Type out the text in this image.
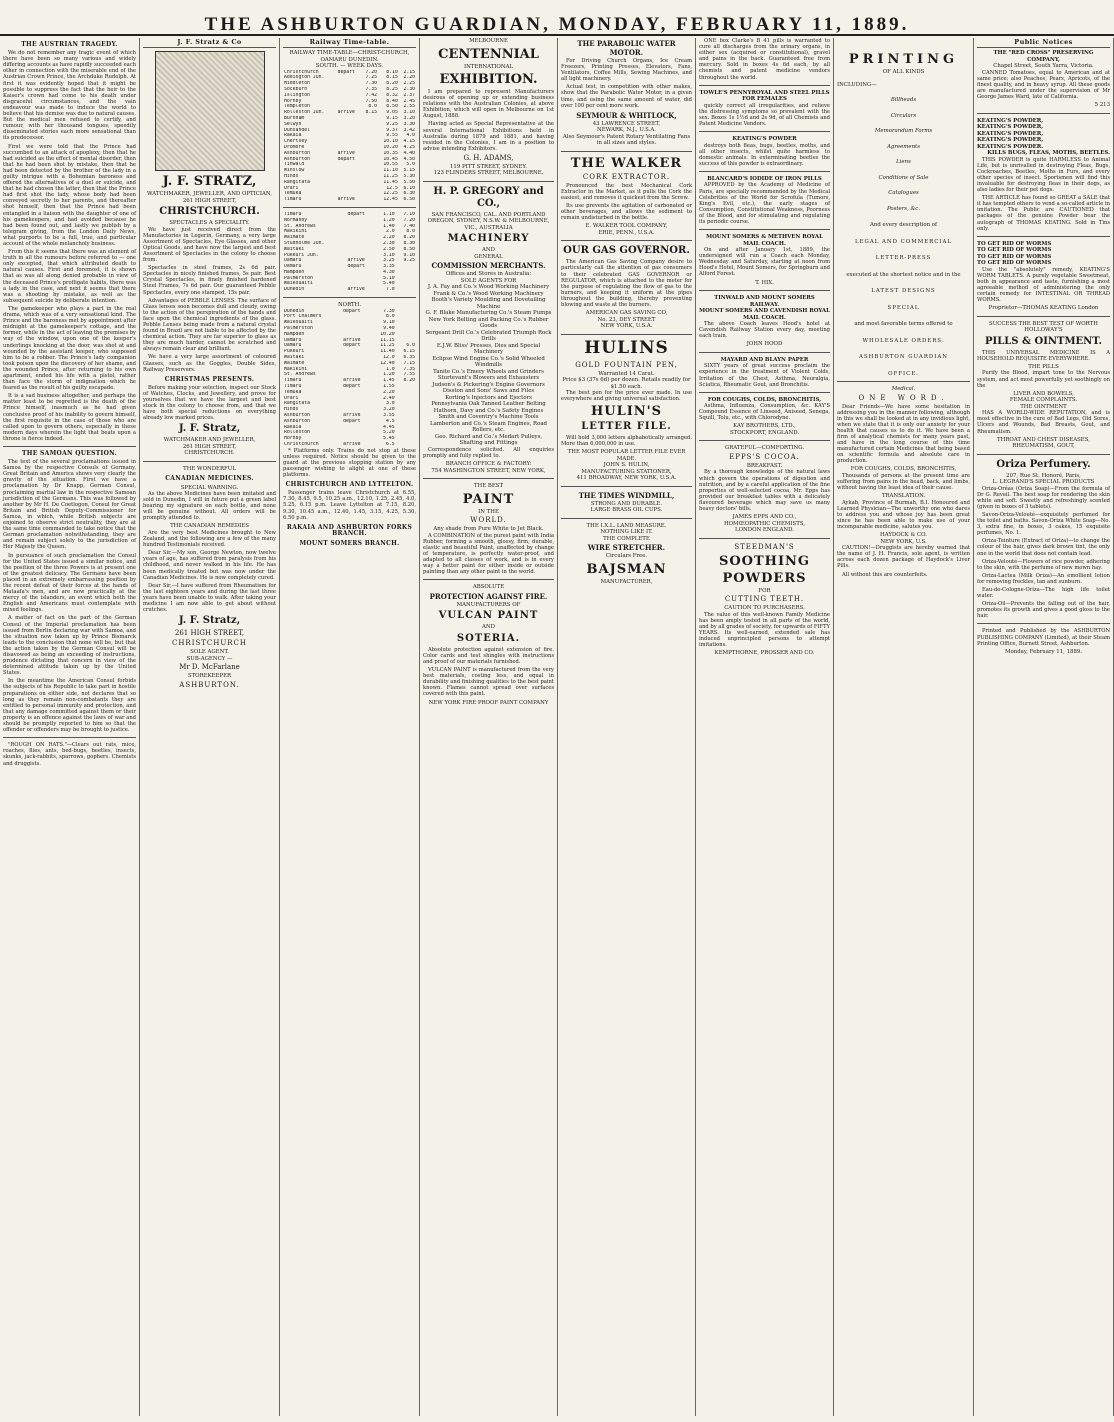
THE ASHBURTON GUARDIAN, MONDAY, FEBRUARY 11, 1889.
THE AUSTRIAN TRAGEDY.

We do not remember any tragic event of which there have been so many various and widely differing accounts as have rapidly succeeded each other in connection with the miserable end of the Austrian Crown Prince, the Archduke Rudolph. At first it was evidently hoped that it might be possible to suppress the fact that the heir to the Kaiser's crown had come to his death under disgraceful circumstances, and the vain endeavour was made to induce the world to believe that his demise was due to natural causes. But the medical men refused to certify, and rumour, with her thousand tongues, speedily disseminated stories each more sensational than its predecessor.

First we were told that the Prince had succumbed to an attack of apoplexy, then that he had suicided as the effect of mental disorder, then that he had been shot by mistake, then that he had been detected by the brother of the lady in a guilty intrigue with a Bohemian baroness and offered the alternatives of a duel or suicide, and that he had chosen the latter, then that the Prince had first shot the lady, whose body had been conveyed secretly to her parents, and thereafter shot himself, then that the Prince had been entangled in a liaison with the daughter of one of his gamekeepers, and had avoided because he had been found out, and lastly we publish by a telegram giving, from the London Daily News, what purports to be a full, true, and particular account of the whole melancholy business.

From this it seems that there was an element of truth in all the rumours before referred to — one only excepted, that which attributed death to natural causes. First and foremost, it is shown that as was all along denied probable in view of the deceased Prince's profligate habits, there was a lady in the case, and next it seems that there was a shooting by mistake, as well as the subsequent suicide by deliberate intention.

The gamekeeper who plays a part in the real drama, which was of a very sensational kind. The Prince and the baroness met by appointment after midnight at the gamekeeper's cottage, and the former, while in the act of leaving the premises by way of the window, upon one of the keeper's underlings knocking at the door, was shot at and wounded by the assistant keeper, who supposed him to be a robber. The Prince's lady companion took poison upon the discovery of her shame, and the wounded Prince, after returning to his own apartment, ended his life with a pistol, rather than face the storm of indignation which he feared as the result of his guilty escapade.

It is a sad business altogether, and perhaps the matter least to be regretted is the death of the Prince himself, inasmuch as he had given conclusive proof of his inability to govern himself, the first requisite in the case of those who are called upon to govern others, especially in these modern days wherein the light that beats upon a throne is fierce indeed.

THE SAMOAN QUESTION.

The text of the several proclamations issued in Samoa by the respective Consuls of Germany, Great Britain and America shows very clearly the gravity of the situation. First we have a proclamation by Dr Knapp, German Consul, proclaiming martial law in the respective Samoan jurisdiction of the Germans. This was followed by another by Mr H. De Coetlogon, Consul for Great Britain and British Deputy-Commissioner for Samoa, in which, while British subjects are enjoined to observe strict neutrality, they are at the same time commanded to take notice that the German proclamation notwithstanding, they are and remain subject solely to the jurisdiction of Her Majesty the Queen.

In pursuance of such proclamation the Consul for the United States issued a similar notice, and the position of the three Powers is at present one of the greatest delicacy. The Germans have been placed in an extremely embarrassing position by the recent defeat of their forces at the hands of Mataafa's men, and are now practically at the mercy of the islanders, an event which both the English and Americans must contemplate with mixed feelings.

A matter of fact on the part of the German Consul of the Imperial proclamation has been issued from Berlin declaring war with Samoa, and the situation now taken up by Prince Bismarck leads to the conclusion that none will be, but that the action taken by the German Consul will be disavowed as being an exceeding of instructions, prudence dictating that concern in view of the determined attitude taken up by the United States.

In the meantime the American Consul forbids the subjects of his Republic to take part in hostile preparations on either side, not declares that so long as they remain non-combatants they are entitled to personal immunity and protection, and that any damage committed against them or their property is an offence against the laws of war and should be promptly reported to him so that the offender or offenders may be brought to justice.

"ROUGH ON RATS."—Clears out rats, mice, roaches, flies, ants, bed-bugs, beetles, insects, skunks, jack-rabbits, sparrows, gophers. Chemists and druggists.

J. F. Stratz & Co
J. F. STRATZ,
WATCHMAKER, JEWELLER, AND OPTICIAN,
261 HIGH STREET,
CHRISTCHURCH.
SPECTACLES A SPECIALITY.

We have just received direct from the Manufactories in Legerin, Germany, a very large Assortment of Spectacles, Eye Glasses, and other Optical Goods, and have now the largest and best Assortment of Spectacles in the colony to choose from.

Spectacles in steel frames, 2s 6d pair. Spectacles in nicely finished frames, 5s pair. Best Crystal Spectacles, in finely finished hardened Steel Frames, 7s 6d pair. Our guaranteed Pebble Spectacles, every one stamped, 15s pair.

Advantages of PEBBLE LENSES. The surface of Glass lenses soon becomes dull and cloudy, owing to the action of the perspiration of the hands and face upon the chemical ingredients of the glass. Pebble Lenses being made from a natural crystal found in Brazil are not liable to be affected by the chemical action. They are far superior to glass as they are much harder, cannot be scratched and always remain clear and brilliant.

We have a very large assortment of coloured Glasses, such as the Goggles, Double Sides, Railway Preservers.

CHRISTMAS PRESENTS.

Before making your selection, inspect our Stock of Watches, Clocks, and Jewellery, and prove for yourselves that we have the largest and best stock in the colony to choose from, and that we have both special reductions on everything already low marked prices.

J. F. Stratz,
WATCHMAKER AND JEWELLER,
261 HIGH STREET,
CHRISTCHURCH.
THE WONDERFUL
CANADIAN MEDICINES.
SPECIAL WARNING.

As the above Medicines have been imitated and sold in Dunedin, I will in future put a green label bearing my signature on each bottle, and none will be genuine without. All orders will be promptly attended to.

THE CANADIAN REMEDIES

Are the very best Medicines brought to New Zealand, and the following are a few of the many hundred Testimonials received.

Dear Sir,—My son, George Newton, now twelve years of age, has suffered from paralysis from his childhood, and never walked in his life. He has been medically treated but was now under the Canadian Medicines. He is now completely cured.

Dear Sir,—I have suffered from Rheumatism for the last eighteen years and during the last three years have been unable to walk. After taking your medicine I am now able to get about without crutches.

J. F. Stratz,
261 HIGH STREET,
CHRISTCHURCH
SOLE AGENT.
SUB-AGENCY —
Mr D. McFarlane
STOREKEEPER
ASHBURTON.
Railway Time-table.
RAILWAY TIME-TABLE—CHRIST-CHURCH, OAMARU DUNEDIN.
SOUTH. — WEEK DAYS.
Christchurch	depart	7.20	8.10	2.15
Addington Jun.		7.25	8.15	2.20
Middleton		7.30	8.20	2.25
Sockburn		7.35	8.25	2.30
Islington		7.42	8.32	2.37
Hornby		7.50	8.40	2.45
Templeton		8.0	8.50	2.55
Rolleston Jun.	arrive	8.15	9.05	3.10
Burnham			9.15	3.20
Selwyn			9.25	3.30
Dunsandel			9.37	3.42
Rakaia			9.55	4.0
Chertsey			10.10	4.15
Dromore			10.20	4.25
Ashburton	arrive		10.35	4.40
Ashburton	depart		10.45	4.50
Tinwald			10.55	5.0
Winslow			11.10	5.15
Hinds			11.25	5.30
Rangitata			11.45	5.50
Orari			12.5	6.10
Temuka			12.25	6.30
Timaru	arrive		12.45	6.50
Timaru	depart	1.10	7.10
Normanby		1.20	7.20
St. Andrews		1.40	7.40
Makikihi		2.0	8.0
Waimate		2.20	8.20
Studholme Jun.		2.30	8.30
Waitaki		2.50	8.50
Pukeuri Jun.		3.10	9.10
Oamaru	arrive	3.25	9.25
Oamaru	depart	3.35	
Hampden		4.30	
Palmerston		5.10	
Waikouaiti		5.40	
Dunedin	arrive	7.0	
NORTH.
Dunedin	depart	7.30	
Port Chalmers		8.0	
Waikouaiti		9.10	
Palmerston		9.40	
Hampden		10.20	
Oamaru	arrive	11.15	
Oamaru	depart	11.25	6.0
Pukeuri		11.40	6.15
Waitaki		12.0	6.35
Waimate		12.40	7.15
Makikihi		1.0	7.35
St. Andrews		1.20	7.55
Timaru	arrive	1.45	8.20
Timaru	depart	1.55	
Temuka		2.20	
Orari		2.40	
Rangitata		3.0	
Hinds		3.20	
Ashburton	arrive	3.55	
Ashburton	depart	4.5	
Rakaia		4.45	
Rolleston		5.20	
Hornby		5.45	
Christchurch	arrive	6.5	

* Platforms only. Trains do not stop at these unless required. Notice should be given to the guard at the previous stopping station by any passenger wishing to alight at one of these platforms.

CHRISTCHURCH AND LYTTELTON.

Passenger trains leave Christchurch at 6.55, 7.30, 8.45, 9.5, 10.25 a.m., 12.10, 1.25, 2.45, 4.0, 5.25, 6.15 p.m. Leave Lyttelton at 7.15, 8.20, 9.30, 10.45 a.m., 12.40, 1.45, 3.15, 4.25, 5.30, 6.50 p.m.

RAKAIA AND ASHBURTON FORKS BRANCH.
MOUNT SOMERS BRANCH.
MELBOURNE
CENTENNIAL
INTERNATIONAL
EXHIBITION.

I am prepared to represent Manufacturers desirous of opening up or extending business relations with the Australian Colonies, at above Exhibition, which will open in Melbourne on 1st August, 1888.

Having acted as Special Representative at the several International Exhibitions held in Australia during 1879 and 1881, and having resided in the Colonies, I am in a position to advise intending Exhibitors.

G. H. ADAMS,
119 PITT STREET, SYDNEY.
123 FLINDERS STREET, MELBOURNE.
H. P. GREGORY and CO.,
SAN FRANCISCO, CAL. AND PORTLAND OREGON, SYDNEY, N.S.W. & MELBOURNE, VIC., AUSTRALIA
MACHINERY
AND
GENERAL
COMMISSION MERCHANTS.
Offices and Stores in Australia:
SOLE AGENTS FOR
J. A. Fay and Co.'s Wood Working Machinery
Frank & Co.'s Wood Working Machinery
Booth's Variety Moulding and Dovetailing Machine
G. F. Blake Manufacturing Co.'s Steam Pumps
New York Belting and Packing Co.'s Rubber Goods
Sergeant Drill Co.'s Celebrated Triumph Rock Drills
E.J.W. Bliss' Presses, Dies and Special Machinery
Eclipse Wind Engine Co.'s Solid Wheeled Windmills
Tanite Co.'s Emery Wheels and Grinders
Sturtevant's Blowers and Exhausters
Judson's & Pickering's Engine Governors
Disston and Sons' Saws and Files
Korting's Injectors and Ejectors
Pennsylvania Oak Tanned Leather Belting
Hathorn, Davy and Co.'s Safety Engines
Smith and Coventry's Machine Tools
Lamberton and Co.'s Steam Engines, Road Rollers, etc.
Geo. Richard and Co.'s Medart Pulleys, Shafting and Fittings

Correspondence solicited. All enquiries promptly and fully replied to.

BRANCH OFFICE & FACTORY:
754 WASHINGTON STREET, NEW YORK,
THE BEST
PAINT
IN THE
WORLD.
Any shade from Pure White to Jet Black.

A COMBINATION of the purest paint with India Rubber, forming a smooth, glossy, firm, durable, elastic and beautiful Paint, unaffected by change of temperature, is perfectly water-proof, and adapted to all classes of work, and is in every way a better paint for either inside or outside painting than any other paint in the world.

ABSOLUTE
PROTECTION AGAINST FIRE.
MANUFACTURERS OF
VULCAN PAINT
AND
SOTERIA.

Absolute protection against extension of fire. Color cards and test shingles with instructions and proof of our materials furnished.

VULCAN PAINT is manufactured from the very best materials, costing less, and equal in durability and finishing qualities to the best paint known. Flames cannot spread over surfaces covered with this paint.

NEW YORK FIRE PROOF PAINT COMPANY
THE PARABOLIC WATER MOTOR.

For Driving Church Organs, Ice Cream Freezers, Printing Presses, Elevators, Fans, Ventilators, Coffee Mills, Sewing Machines, and all light machinery.

Actual test, in competition with other makes, show that the Parabolic Water Motor, in a given time, and using the same amount of water, did over 100 per cent more work.

SEYMOUR & WHITLOCK,
43 LAWRENCE STREET,
NEWARK, N.J., U.S.A.
Also Seymour's Patent Rotary Ventilating Fans in all sizes and styles.
THE WALKER
CORK EXTRACTOR.

Pronounced the best Mechanical Cork Extractor in the Market, as it pulls the Cork the easiest, and removes it quickest from the Screw.

Its use prevents the agitation of carbonated or other beverages, and allows the sediment to remain undisturbed in the bottle.

E. WALKER TOOL COMPANY,
ERIE, PENN., U.S.A.
OUR GAS GOVERNOR.

The American Gas Saving Company desire to particularly call the attention of gas consumers to their celebrated GAS GOVERNOR or REGULATOR, which is attached to the meter for the purpose of regulating the flow of gas to the burners, and keeping it uniform at the pipes throughout the building, thereby preventing blowing and waste at the burners.

AMERICAN GAS SAVING CO,
No. 23, DEY STREET
NEW YORK, U.S.A.
HULINS
GOLD FOUNTAIN PEN,
Warranted 14 Carat.
Price $3 (37s 6d) per dozen. Retails readily for $1.50 each.

The best pen for the price ever made. In use everywhere and giving universal satisfaction.

HULIN'S
LETTER FILE.

Will hold 3,000 letters alphabetically arranged. More than 6,000,000 in use.

THE MOST POPULAR LETTER FILE EVER MADE.
JOHN S. HULIN,
MANUFACTURING STATIONER,
411 BROADWAY, NEW YORK, U.S.A.
THE TIMES WINDMILL,
STRONG AND DURABLE.
LARGE BRASS OIL CUPS.
THE I.X.L. LAND MEASURE.
NOTHING LIKE IT.
THE COMPLETE
WIRE STRETCHER.
Circulars Free.
BAJSMAN
MANUFACTURER,

ONE box Clarke's B 41 pills is warranted to cure all discharges from the urinary organs, in either sex (acquired or constitutional), gravel and pains in the back. Guaranteed free from mercury. Sold in boxes 4s 6d each, by all chemists and patent medicine vendors throughout the world.

TOWLE'S PENNYROYAL AND STEEL PILLS FOR FEMALES

quickly correct all irregularities, and relieve the distressing symptoms so prevalent with the sex. Boxes 1s 1½d and 2s 9d, of all Chemists and Patent Medicine Vendors.

KEATING'S POWDER

destroys both fleas, bugs, beetles, moths, and all other insects, whilst quite harmless to domestic animals. In exterminating beetles the success of this powder is extraordinary.

BLANCARD'S IODIDE OF IRON PILLS

APPROVED by the Academy of Medicine of Paris, are specially recommended by the Medical Celebrities of the World for Scrofula (Tumors, King's Evil, etc.), the early stages of Consumption, Constitutional Weakness, Poorness of the Blood, and for stimulating and regulating its periodic course.

MOUNT SOMERS & METHVEN ROYAL MAIL COACH.

On and after January 1st, 1889, the undersigned will run a Coach each Monday, Wednesday and Saturday, starting at noon from Hood's Hotel, Mount Somers, for Springburn and Alford Forest.

T. HIX.
TINWALD AND MOUNT SOMERS RAILWAY.
MOUNT SOMERS AND CAVENDISH ROYAL MAIL COACH.

The above Coach leaves Hood's hotel at Cavendish Railway Station every day, meeting each train.

JOHN HOOD
MAYARD AND BLAYN PAPER

SIXTY years of great success proclaim the experience in the treatment of Violent Colds, Irritation of the Chest, Asthma, Neuralgia, Sciatica, Rheumatic Gout, and Bronchitis.

FOR COUGHS, COLDS, BRONCHITIS,

Asthma, Influenza, Consumption, &c. KAY'S Compound Essence of Linseed, Aniseed, Senega, Squill, Tolu, etc., with Chlorodyne.

KAY BROTHERS, LTD.,
STOCKPORT, ENGLAND.
GRATEFUL—COMFORTING.
EPPS'S COCOA.
BREAKFAST.

By a thorough knowledge of the natural laws which govern the operations of digestion and nutrition, and by a careful application of the fine properties of well-selected cocoa, Mr. Epps has provided our breakfast tables with a delicately flavoured beverage which may save us many heavy doctors' bills.

JAMES EPPS AND CO.,
HOMŒOPATHIC CHEMISTS,
LONDON ENGLAND.
STEEDMAN'S
SOOTHING
POWDERS
FOR
CUTTING TEETH.
CAUTION TO PURCHASERS.

The value of this well-known Family Medicine has been amply tested in all parts of the world, and by all grades of society, for upwards of FIFTY YEARS. Its well-earned, extended sale has induced unprincipled persons to attempt imitations.

KEMPTHORNE, PROSSER AND CO.
PRINTING
OF ALL KINDS
INCLUDING—
Billheads
Circulars
Memorandum Forms
Agreements
Liens
Conditions of Sale
Catalogues
Posters, &c.
And every description of
LEGAL AND COMMERCIAL
LETTER-PRESS
executed at the shortest notice and in the
LATEST DESIGNS
SPECIAL
and most favorable terms offered to
WHOLESALE ORDERS.
ASHBURTON GUARDIAN
OFFICE.
Medical.
ONE WORD.

Dear Friends—We have some hesitation in addressing you in the manner following, although in this we shall be looked at in any invidious light, when we state that it is only our anxiety for your health that causes us to do it. We have been a firm of analytical chemists for many years past, and have in the long course of this time manufactured certain Medicines that being based on scientific formula and absolute care in production.

FOR COUGHS, COLDS, BRONCHITIS,

Thousands of persons at the present time are suffering from pains in the head, back, and limbs, without having the least idea of their cause.

TRANSLATION.

Aykab, Province of Burmah, B.I. Honoured and Learned Physician—The unworthy one who dares to address you and whose joy has been great since he has been able to make use of your incomparable medicine, salutes you.

HAYDOCK & CO.
NEW YORK, U.S.

CAUTION!—Druggists are hereby warned that the name of J. H. Francis, sole agent, is written across each dozen package of Haydock's Liver Pills.

All without this are counterfeits.

Public Notices
THE "RED CROSS" PRESERVING COMPANY,
Chapel Street, South Yarra, Victoria.

CANNED Tomatoes, equal to American and at same price; also Peaches, Pears, Apricots, of the finest quality, and in heavy syrup. All these goods are manufactured under the supervision of Mr George James Ward, late of California.

5 213
KEATING'S POWDER,
KEATING'S POWDER,
KEATING'S POWDER,
KEATING'S POWDER,
KEATING'S POWDER.
KILLS BUGS, FLEAS, MOTHS, BEETLES.

THIS POWDER is quite HARMLESS to Animal Life, but is unrivalled in destroying Fleas, Bugs, Cockroaches, Beetles, Moths in Furs, and every other species of insect. Sportsmen will find this invaluable for destroying fleas in their dogs, as also ladies for their pet dogs.

THE ARTICLE has found so GREAT a SALE that it has tempted others to vend a so-called article in imitation. The Public are CAUTIONED that packages of the genuine Powder bear the autograph of THOMAS KEATING. Sold in Tins only.

TO GET RID OF WORMS
TO GET RID OF WORMS
TO GET RID OF WORMS
TO GET RID OF WORMS

Use the "absolutely" remedy, KEATING'S WORM TABLETS. A purely vegetable Sweetmeat, both in appearance and taste, furnishing a most agreeable method of administering the only certain remedy for INTESTINAL OR THREAD WORMS.

Proprietor—THOMAS KEATING London
SUCCESS THE BEST TEST OF WORTH
HOLLOWAY'S
PILLS & OINTMENT.

THIS UNIVERSAL MEDICINE IS A HOUSEHOLD REQUISITE EVERYWHERE.

THE PILLS

Purify the Blood, impart tone to the Nervous system, and act most powerfully yet soothingly on the

LIVER AND BOWELS,
FEMALE COMPLAINTS.
THE OINTMENT

HAS A WORLD-WIDE REPUTATION, and is most effective in the cure of Bad Legs, Old Sores, Ulcers and Wounds, Bad Breasts, Gout, and Rheumatism.

THROAT AND CHEST DISEASES,
RHEUMATISM, GOUT,
Oriza Perfumery.
207, Rue St. Honoré, Paris,
L. LEGRAND'S SPECIAL PRODUCTS

Oriza-Oréas (Oriza Soap)—From the formula of Dr G. Reveil. The best soap for rendering the skin white and soft. Sweetly and refreshingly scented (given in boxes of 3 tablets).

Savon-Oriza-Velouté—exquisitely perfumed for the toilet and baths. Savon-Oriza White Soap—No. 3, extra fine, in boxes, 3 cakes, 15 exquisite perfumes, No. 1.

Oriza-Teinture (Extract of Oriza)—to change the colour of the hair, gives dark brown tint, the only one in the world that does not contain lead.

Oriza-Velouté—Flowers of rice powder, adhering to the skin, with the perfume of new mown hay.

Oriza-Lactea (Milk Oriza)—An emollient lotion for removing freckles, tan and sunburn.

Eau-de-Cologne-Oriza—The high life toilet water.

Oriza-Oil—Prevents the falling out of the hair, promotes its growth and gives a good gloss to the hair.

Printed and Published by the ASHBURTON PUBLISHING COMPANY (Limited), at their Steam Printing Office, Burnett Street, Ashburton.

Monday, February 11, 1889.
